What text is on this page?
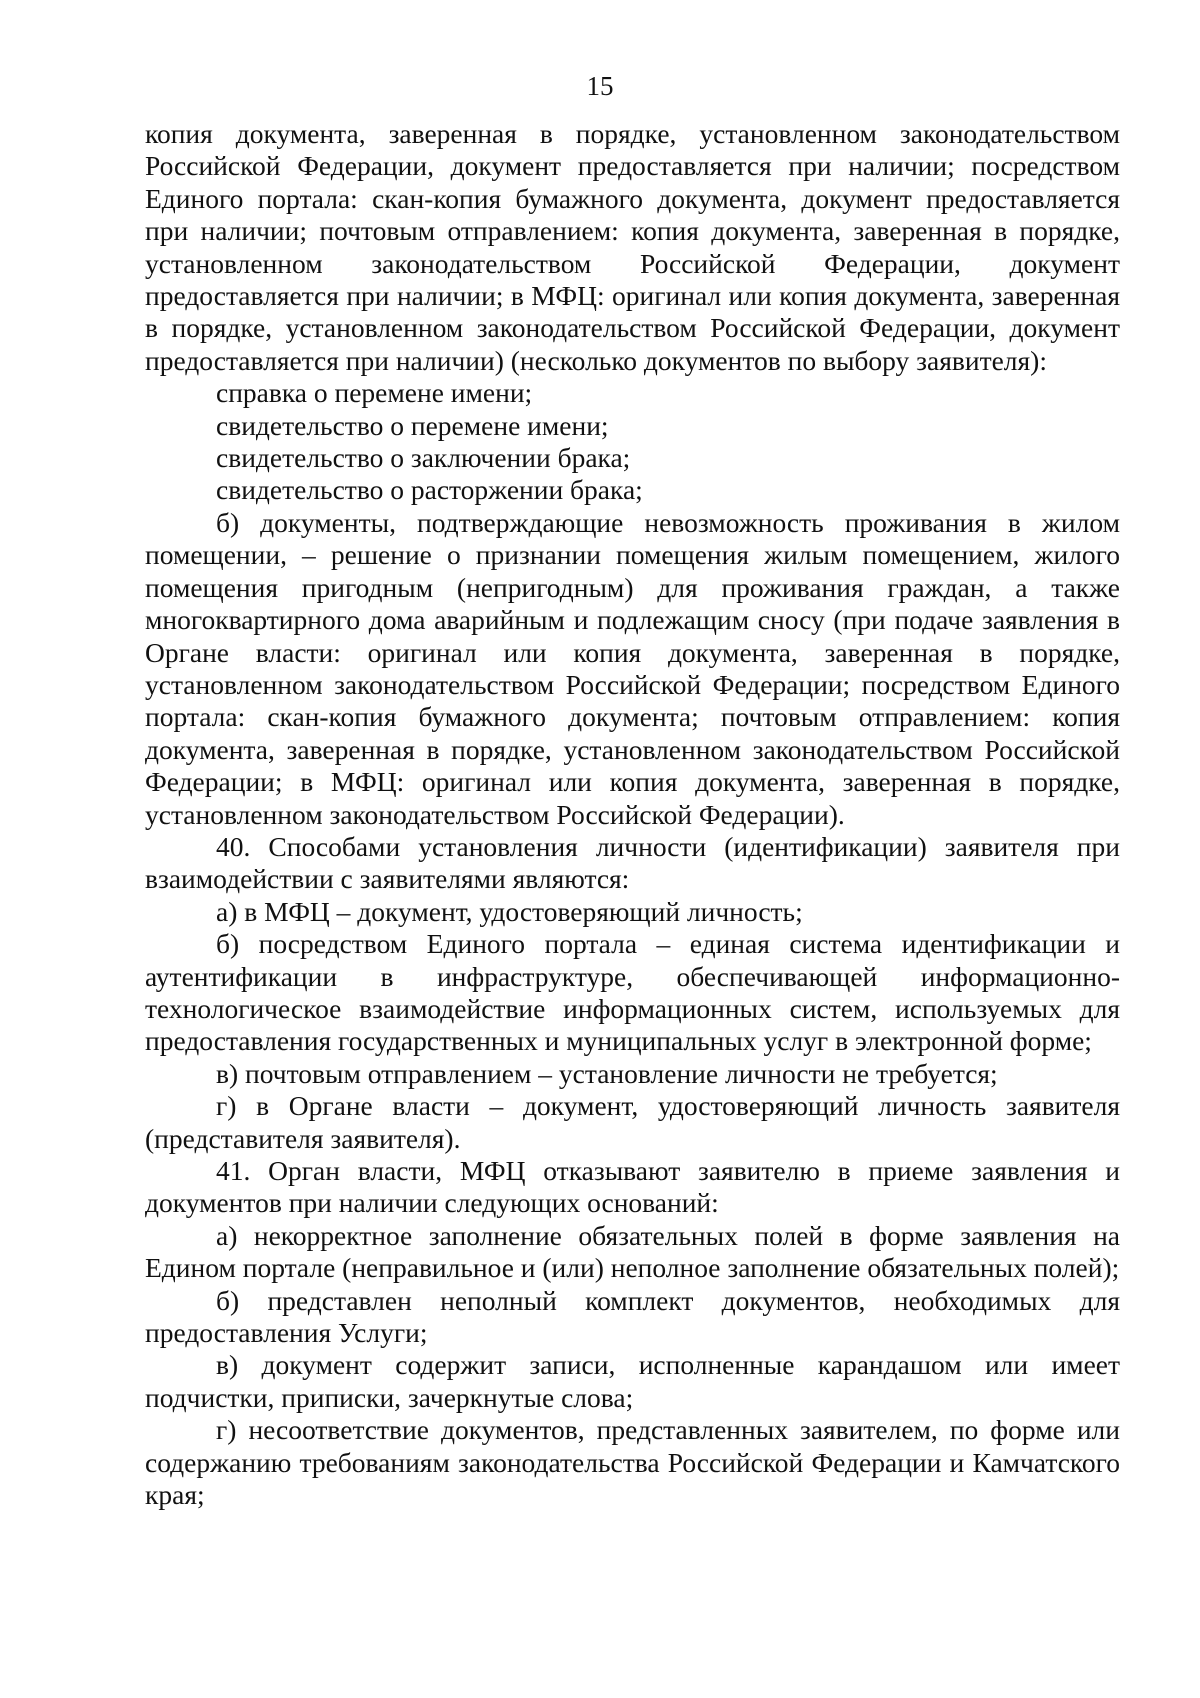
15

копия документа, заверенная в порядке, установленном законодательством Российской Федерации, документ предоставляется при наличии; посредством Единого портала: скан-копия бумажного документа, документ предоставляется при наличии; почтовым отправлением: копия документа, заверенная в порядке, установленном законодательством Российской Федерации, документ предоставляется при наличии; в МФЦ: оригинал или копия документа, заверенная в порядке, установленном законодательством Российской Федерации, документ предоставляется при наличии) (несколько документов по выбору заявителя):

справка о перемене имени;

свидетельство о перемене имени;

свидетельство о заключении брака;

свидетельство о расторжении брака;

б) документы, подтверждающие невозможность проживания в жилом помещении, – решение о признании помещения жилым помещением, жилого помещения пригодным (непригодным) для проживания граждан, а также многоквартирного дома аварийным и подлежащим сносу (при подаче заявления в Органе власти: оригинал или копия документа, заверенная в порядке, установленном законодательством Российской Федерации; посредством Единого портала: скан-копия бумажного документа; почтовым отправлением: копия документа, заверенная в порядке, установленном законодательством Российской Федерации; в МФЦ: оригинал или копия документа, заверенная в порядке, установленном законодательством Российской Федерации).

40. Способами установления личности (идентификации) заявителя при взаимодействии с заявителями являются:

а) в МФЦ – документ, удостоверяющий личность;

б) посредством Единого портала – единая система идентификации и аутентификации в инфраструктуре, обеспечивающей информационно-технологическое взаимодействие информационных систем, используемых для предоставления государственных и муниципальных услуг в электронной форме;

в) почтовым отправлением – установление личности не требуется;

г) в Органе власти – документ, удостоверяющий личность заявителя (представителя заявителя).

41. Орган власти, МФЦ отказывают заявителю в приеме заявления и документов при наличии следующих оснований:

а) некорректное заполнение обязательных полей в форме заявления на Едином портале (неправильное и (или) неполное заполнение обязательных полей);

б) представлен неполный комплект документов, необходимых для предоставления Услуги;

в) документ содержит записи, исполненные карандашом или имеет подчистки, приписки, зачеркнутые слова;

г) несоответствие документов, представленных заявителем, по форме или содержанию требованиям законодательства Российской Федерации и Камчатского края;
